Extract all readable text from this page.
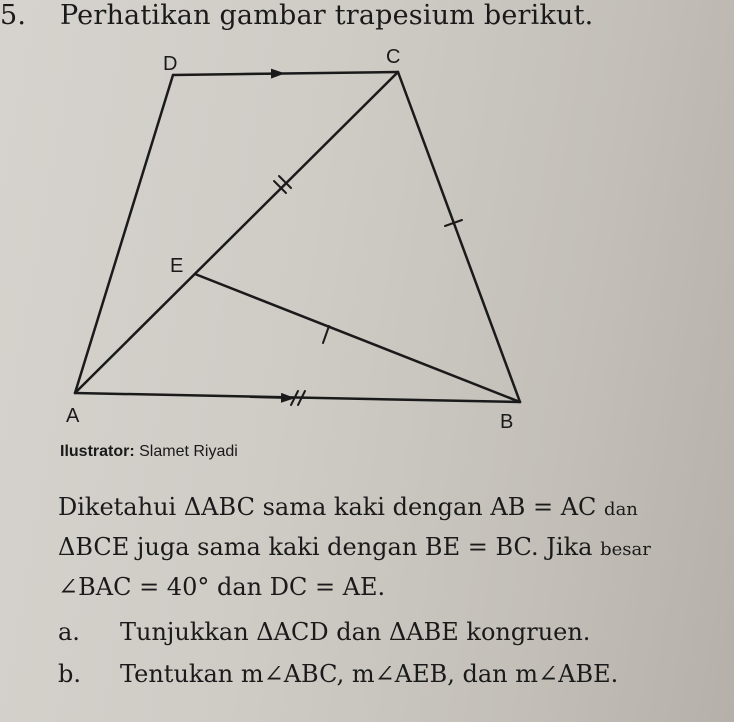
5. Perhatikan gambar trapesium berikut.
D	C
E
A	B
Ilustrator: Slamet Riyadi

Diketahui ΔABC sama kaki dengan AB = AC dan

ΔBCE juga sama kaki dengan BE = BC. Jika besar

∠BAC = 40° dan DC = AE.

a. Tunjukkan ΔACD dan ΔABE kongruen.
b. Tentukan m∠ABC, m∠AEB, dan m∠ABE.
